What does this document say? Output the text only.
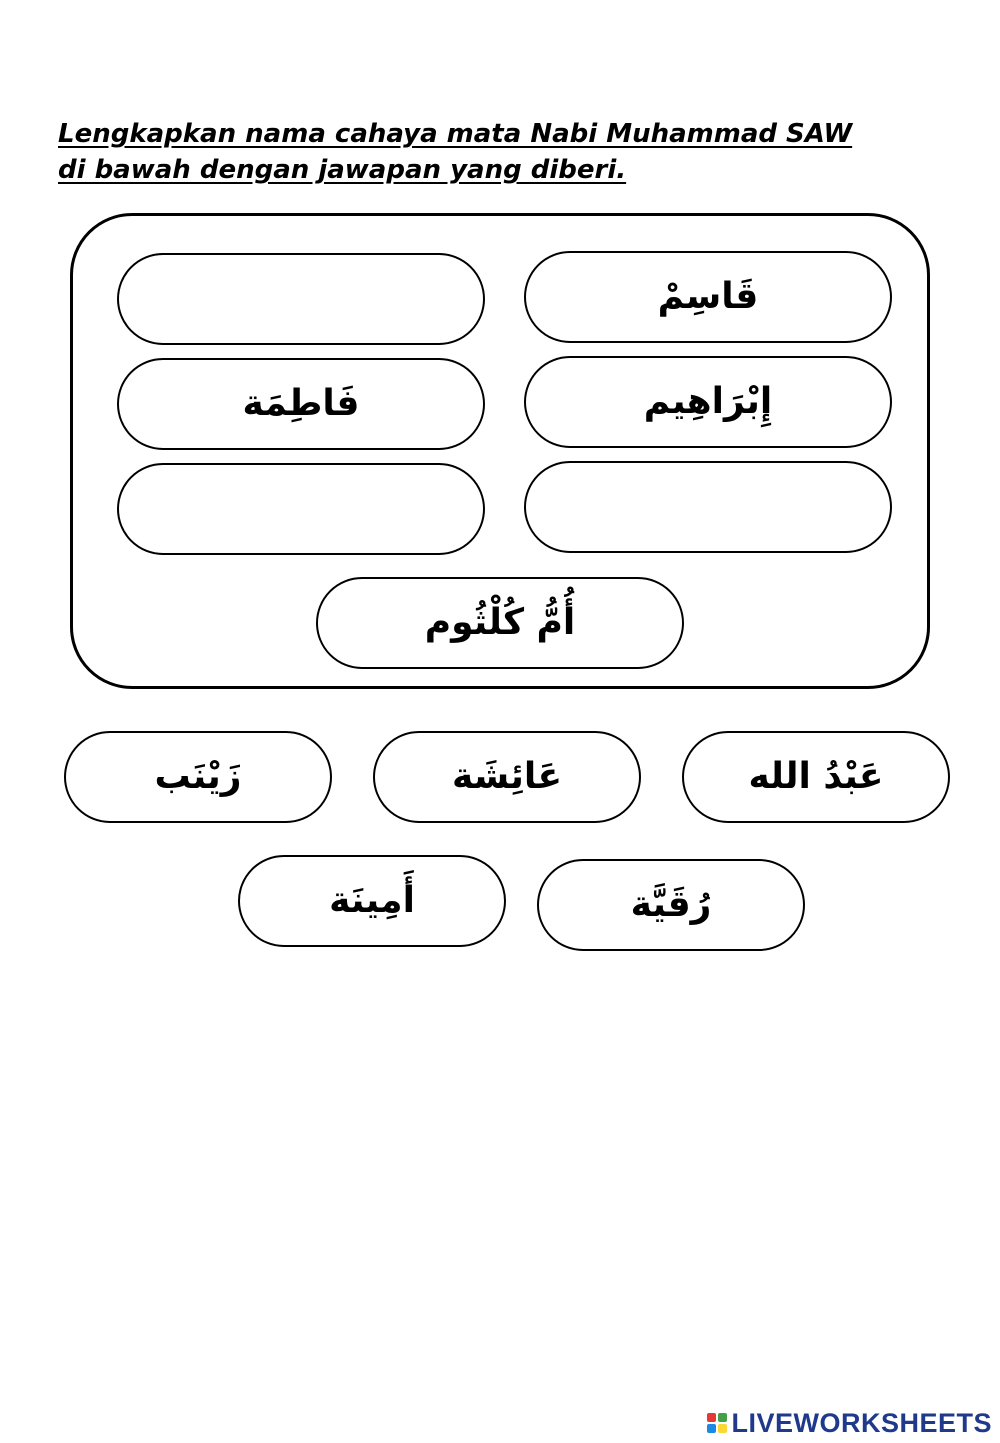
Lengkapkan nama cahaya mata Nabi Muhammad SAW di bawah dengan jawapan yang diberi.
قَاسِمْ
فَاطِمَة	إِبْرَاهِيم
أُمُّ كُلْثُوم
زَيْنَب	عَائِشَة	عَبْدُ الله
أَمِينَة	رُقَيَّة
LIVEWORKSHEETS
